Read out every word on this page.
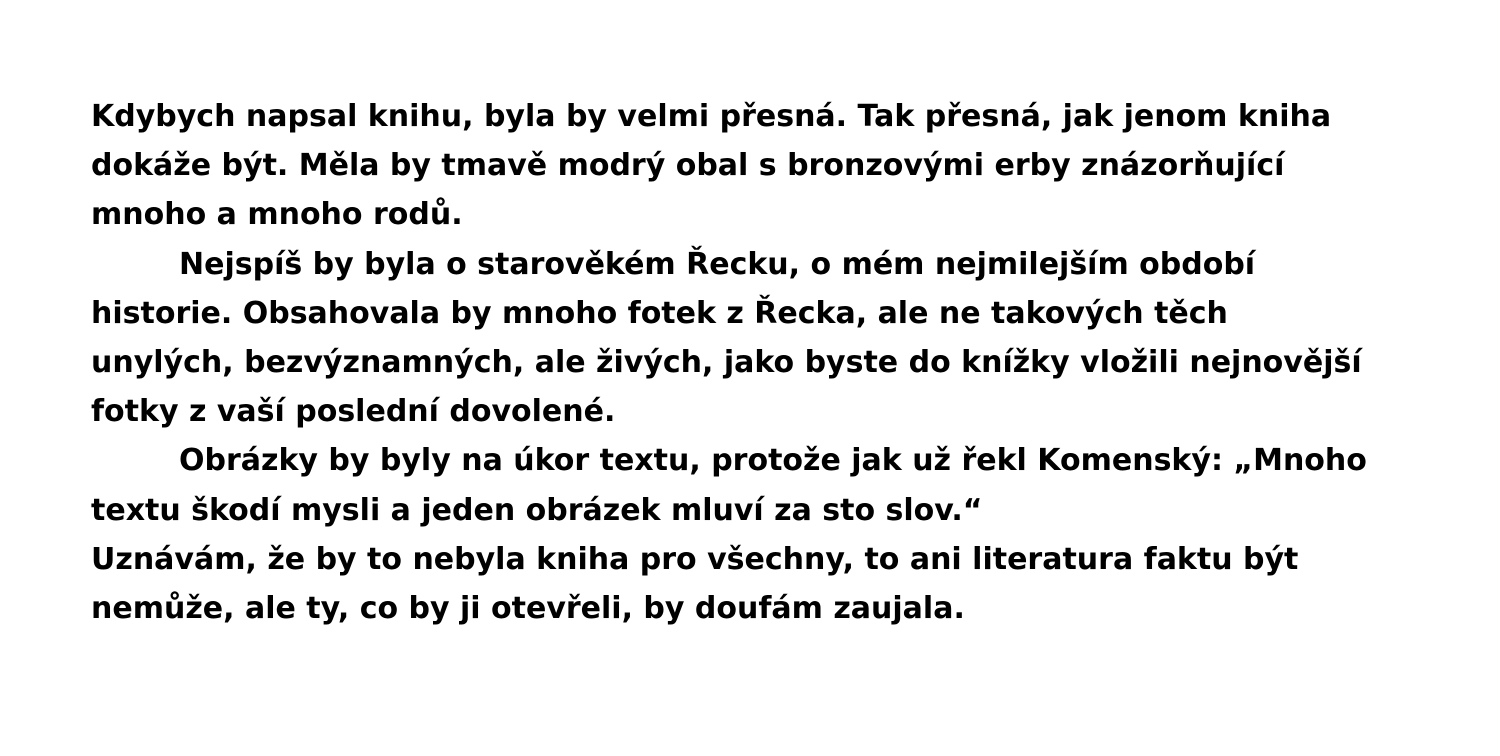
Kdybych napsal knihu, byla by velmi přesná. Tak přesná, jak jenom kniha
dokáže být. Měla by tmavě modrý obal s bronzovými erby znázorňující
mnoho a mnoho rodů.

Nejspíš by byla o starověkém Řecku, o mém nejmilejším období
historie. Obsahovala by mnoho fotek z Řecka, ale ne takových těch
unylých, bezvýznamných, ale živých, jako byste do knížky vložili nejnovější
fotky z vaší poslední dovolené.

Obrázky by byly na úkor textu, protože jak už řekl Komenský: „Mnoho
textu škodí mysli a jeden obrázek mluví za sto slov.“

Uznávám, že by to nebyla kniha pro všechny, to ani literatura faktu být
nemůže, ale ty, co by ji otevřeli, by doufám zaujala.
